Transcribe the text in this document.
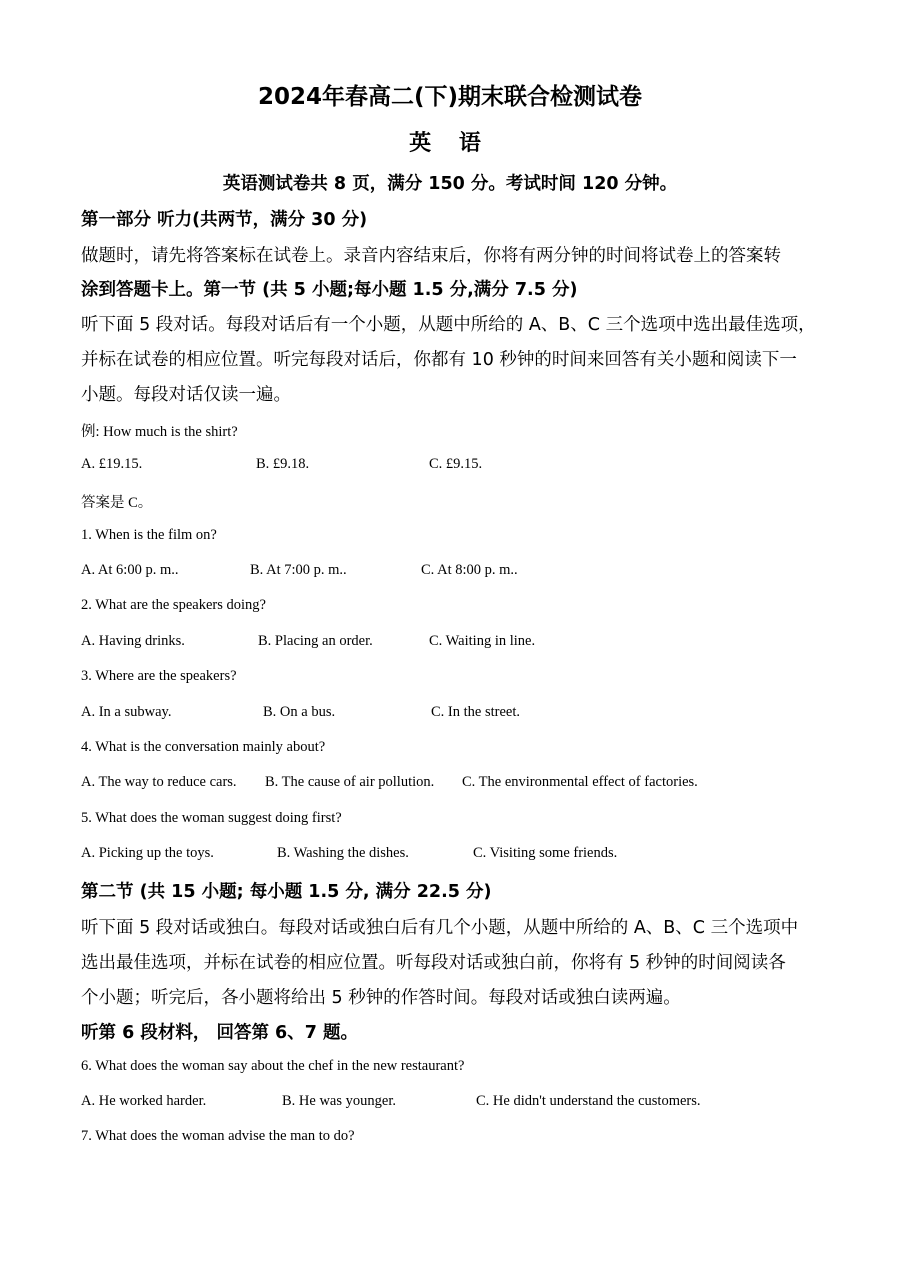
2024年春高二(下)期末联合检测试卷
英 语
英语测试卷共 8 页，满分 150 分。考试时间 120 分钟。
第一部分 听力(共两节，满分 30 分)
做题时，请先将答案标在试卷上。录音内容结束后，你将有两分钟的时间将试卷上的答案转
涂到答题卡上。第一节 (共 5 小题;每小题 1.5 分,满分 7.5 分)
听下面 5 段对话。每段对话后有一个小题，从题中所给的 A、B、C 三个选项中选出最佳选项，
并标在试卷的相应位置。听完每段对话后，你都有 10 秒钟的时间来回答有关小题和阅读下一
小题。每段对话仅读一遍。
例: How much is the shirt?
A. £19.15.	B. £9.18.	C. £9.15.
答案是 C。
1. When is the film on?
A. At 6:00 p. m..	B. At 7:00 p. m..	C. At 8:00 p. m..
2. What are the speakers doing?
A. Having drinks.	B. Placing an order.	C. Waiting in line.
3. Where are the speakers?
A. In a subway.	B. On a bus.	C. In the street.
4. What is the conversation mainly about?
A. The way to reduce cars. B. The cause of air pollution. C. The environmental effect of factories.
5. What does the woman suggest doing first?
A. Picking up the toys.	B. Washing the dishes.	C. Visiting some friends.
第二节 (共 15 小题; 每小题 1.5 分, 满分 22.5 分)
听下面 5 段对话或独白。每段对话或独白后有几个小题，从题中所给的 A、B、C 三个选项中
选出最佳选项，并标在试卷的相应位置。听每段对话或独白前，你将有 5 秒钟的时间阅读各
个小题；听完后，各小题将给出 5 秒钟的作答时间。每段对话或独白读两遍。
听第 6 段材料， 回答第 6、7 题。
6. What does the woman say about the chef in the new restaurant?
A. He worked harder.	B. He was younger.	C. He didn't understand the customers.
7. What does the woman advise the man to do?
